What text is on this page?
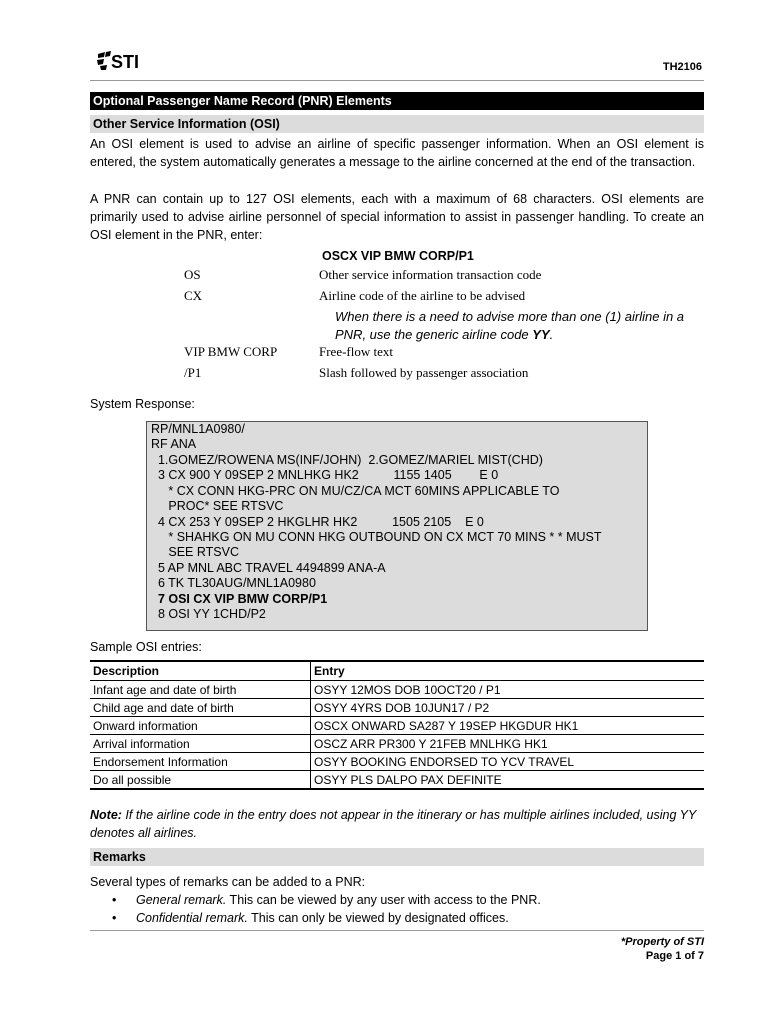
STI	TH2106
Optional Passenger Name Record (PNR) Elements
Other Service Information (OSI)
An OSI element is used to advise an airline of specific passenger information. When an OSI element is entered, the system automatically generates a message to the airline concerned at the end of the transaction.
A PNR can contain up to 127 OSI elements, each with a maximum of 68 characters. OSI elements are primarily used to advise airline personnel of special information to assist in passenger handling. To create an OSI element in the PNR, enter:
OSCX VIP BMW CORP/P1
OS	Other service information transaction code
CX	Airline code of the airline to be advised
VIP BMW CORP	Free-flow text
/P1	Slash followed by passenger association
When there is a need to advise more than one (1) airline in a PNR, use the generic airline code YY.
System Response:
RP/MNL1A0980/
RF ANA
1.GOMEZ/ROWENA MS(INF/JOHN)  2.GOMEZ/MARIEL MIST(CHD)
3 CX 900 Y 09SEP 2 MNLHKG HK2          1155 1405        E 0
* CX CONN HKG-PRC ON MU/CZ/CA MCT 60MINS APPLICABLE TO
PROC* SEE RTSVC
4 CX 253 Y 09SEP 2 HKGLHR HK2          1505 2105    E 0
* SHAHKG ON MU CONN HKG OUTBOUND ON CX MCT 70 MINS * * MUST
SEE RTSVC
5 AP MNL ABC TRAVEL 4494899 ANA-A
6 TK TL30AUG/MNL1A0980
7 OSI CX VIP BMW CORP/P1
8 OSI YY 1CHD/P2
Sample OSI entries:
Description	Entry
Infant age and date of birth	OSYY 12MOS DOB 10OCT20 / P1
Child age and date of birth	OSYY 4YRS DOB 10JUN17 / P2
Onward information	OSCX ONWARD SA287 Y 19SEP HKGDUR HK1
Arrival information	OSCZ ARR PR300 Y 21FEB MNLHKG HK1
Endorsement Information	OSYY BOOKING ENDORSED TO YCV TRAVEL
Do all possible	OSYY PLS DALPO PAX DEFINITE
Note: If the airline code in the entry does not appear in the itinerary or has multiple airlines included, using YY denotes all airlines.
Remarks
Several types of remarks can be added to a PNR:
• General remark. This can be viewed by any user with access to the PNR.
• Confidential remark. This can only be viewed by designated offices.
*Property of STI
Page 1 of 7
